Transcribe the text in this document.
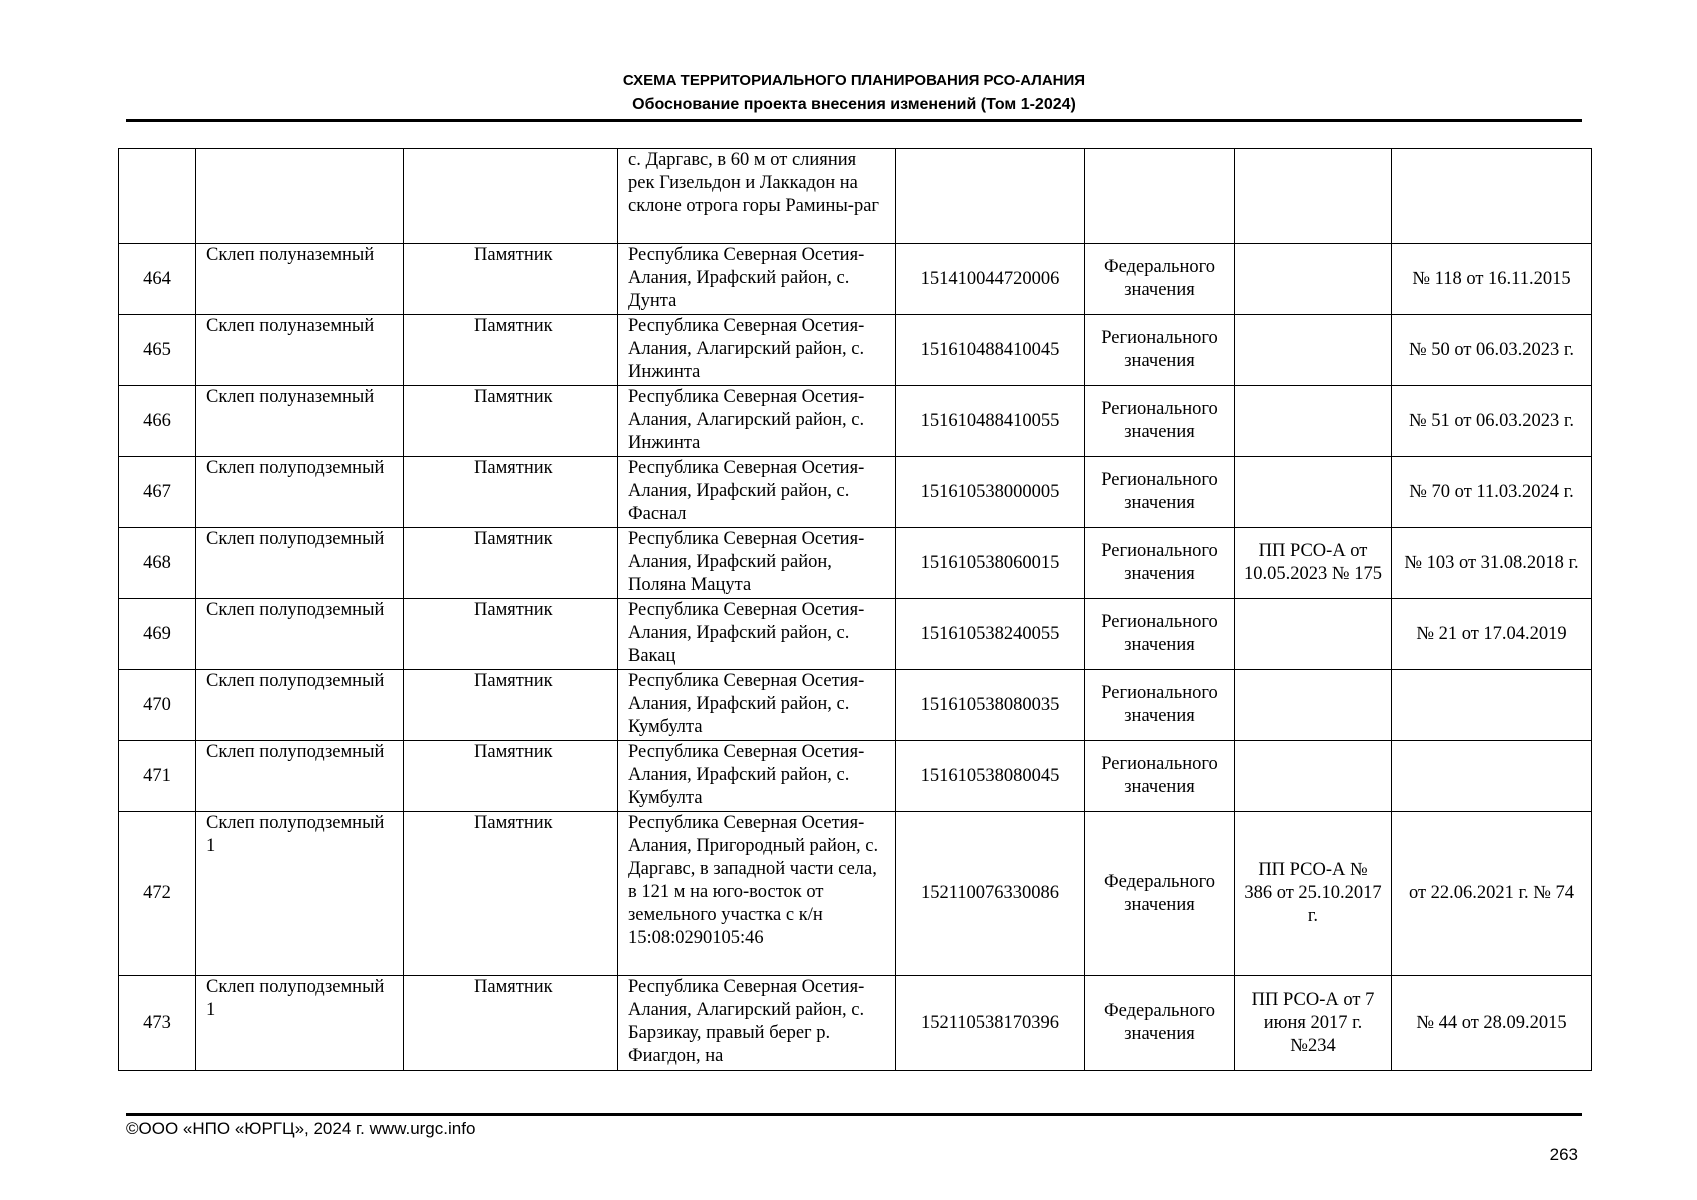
СХЕМА ТЕРРИТОРИАЛЬНОГО ПЛАНИРОВАНИЯ РСО-АЛАНИЯ
Обоснование проекта внесения изменений (Том 1-2024)
			с. Даргавс, в 60 м от слияния рек Гизельдон и Лаккадон на склоне отрога горы Рамины-раг				
464	Склеп полуназемный	Памятник	Республика Северная Осетия-Алания, Ирафский район, с. Дунта	151410044720006	Федерального значения		№ 118 от 16.11.2015
465	Склеп полуназемный	Памятник	Республика Северная Осетия-Алания, Алагирский район, с. Инжинта	151610488410045	Регионального значения		№ 50 от 06.03.2023 г.
466	Склеп полуназемный	Памятник	Республика Северная Осетия-Алания, Алагирский район, с. Инжинта	151610488410055	Регионального значения		№ 51 от 06.03.2023 г.
467	Склеп полуподземный	Памятник	Республика Северная Осетия-Алания, Ирафский район, с. Фаснал	151610538000005	Регионального значения		№ 70 от 11.03.2024 г.
468	Склеп полуподземный	Памятник	Республика Северная Осетия-Алания, Ирафский район, Поляна Мацута	151610538060015	Регионального значения	ПП РСО-А от 10.05.2023 № 175	№ 103 от 31.08.2018 г.
469	Склеп полуподземный	Памятник	Республика Северная Осетия-Алания, Ирафский район, с. Вакац	151610538240055	Регионального значения		№ 21 от 17.04.2019
470	Склеп полуподземный	Памятник	Республика Северная Осетия-Алания, Ирафский район, с. Кумбулта	151610538080035	Регионального значения		
471	Склеп полуподземный	Памятник	Республика Северная Осетия-Алания, Ирафский район, с. Кумбулта	151610538080045	Регионального значения		
472	Склеп полуподземный 1	Памятник	Республика Северная Осетия-Алания, Пригородный район, с. Даргавс, в западной части села, в 121 м на юго-восток от земельного участка с к/н 15:08:0290105:46	152110076330086	Федерального значения	ПП РСО-А № 386 от 25.10.2017 г.	от 22.06.2021 г. № 74
473	Склеп полуподземный 1	Памятник	Республика Северная Осетия-Алания, Алагирский район, с. Барзикау, правый берег р. Фиагдон, на	152110538170396	Федерального значения	ПП РСО-А от 7 июня 2017 г. №234	№ 44 от 28.09.2015
©ООО «НПО «ЮРГЦ», 2024 г. www.urgc.info
263
